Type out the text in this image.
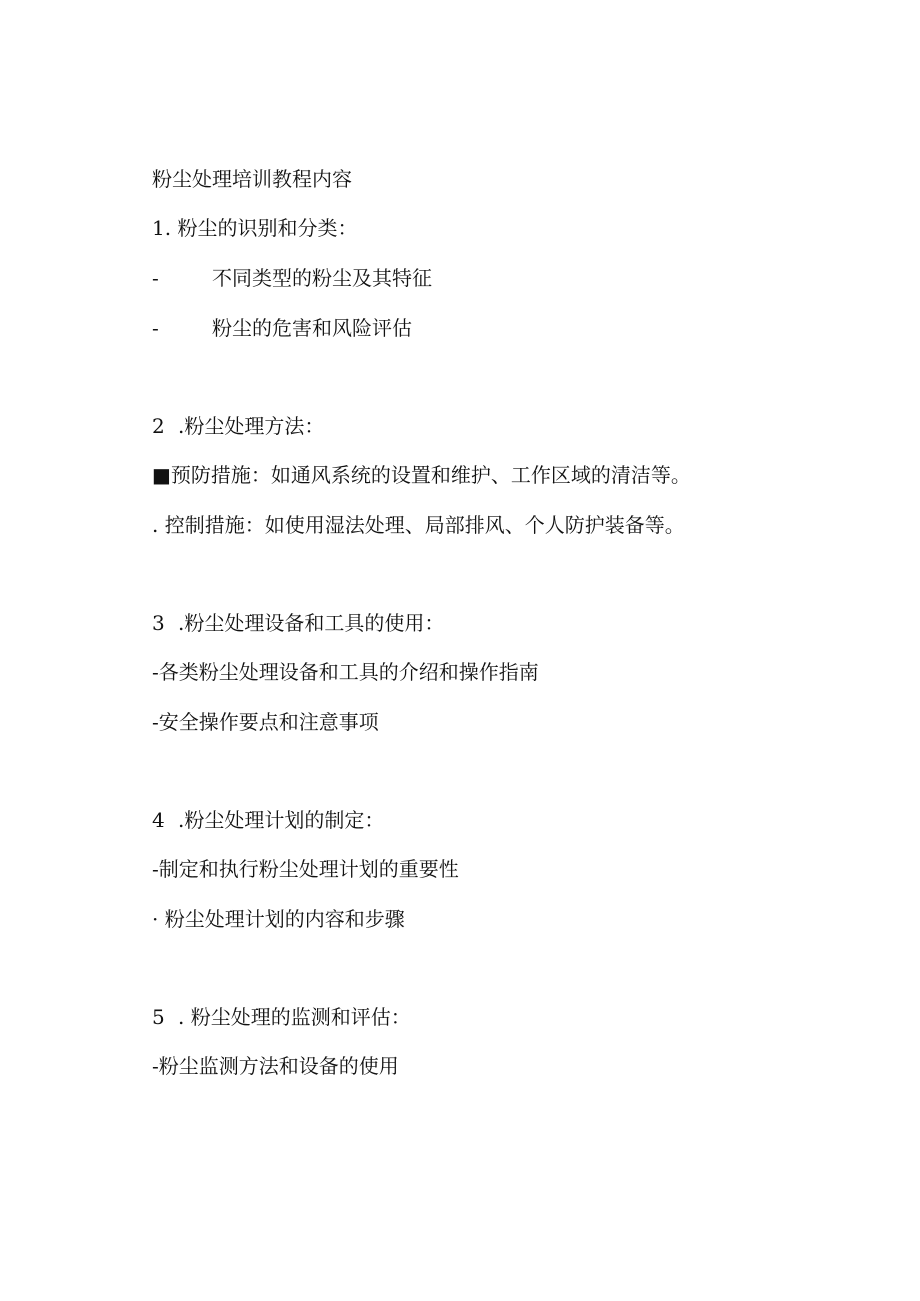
粉尘处理培训教程内容
1. 粉尘的识别和分类：
-	不同类型的粉尘及其特征
-	粉尘的危害和风险评估
2 .粉尘处理方法：
■预防措施：如通风系统的设置和维护、工作区域的清洁等。
. 控制措施：如使用湿法处理、局部排风、个人防护装备等。
3 .粉尘处理设备和工具的使用：
-各类粉尘处理设备和工具的介绍和操作指南
-安全操作要点和注意事项
4 .粉尘处理计划的制定：
-制定和执行粉尘处理计划的重要性
· 粉尘处理计划的内容和步骤
5 . 粉尘处理的监测和评估：
-粉尘监测方法和设备的使用
